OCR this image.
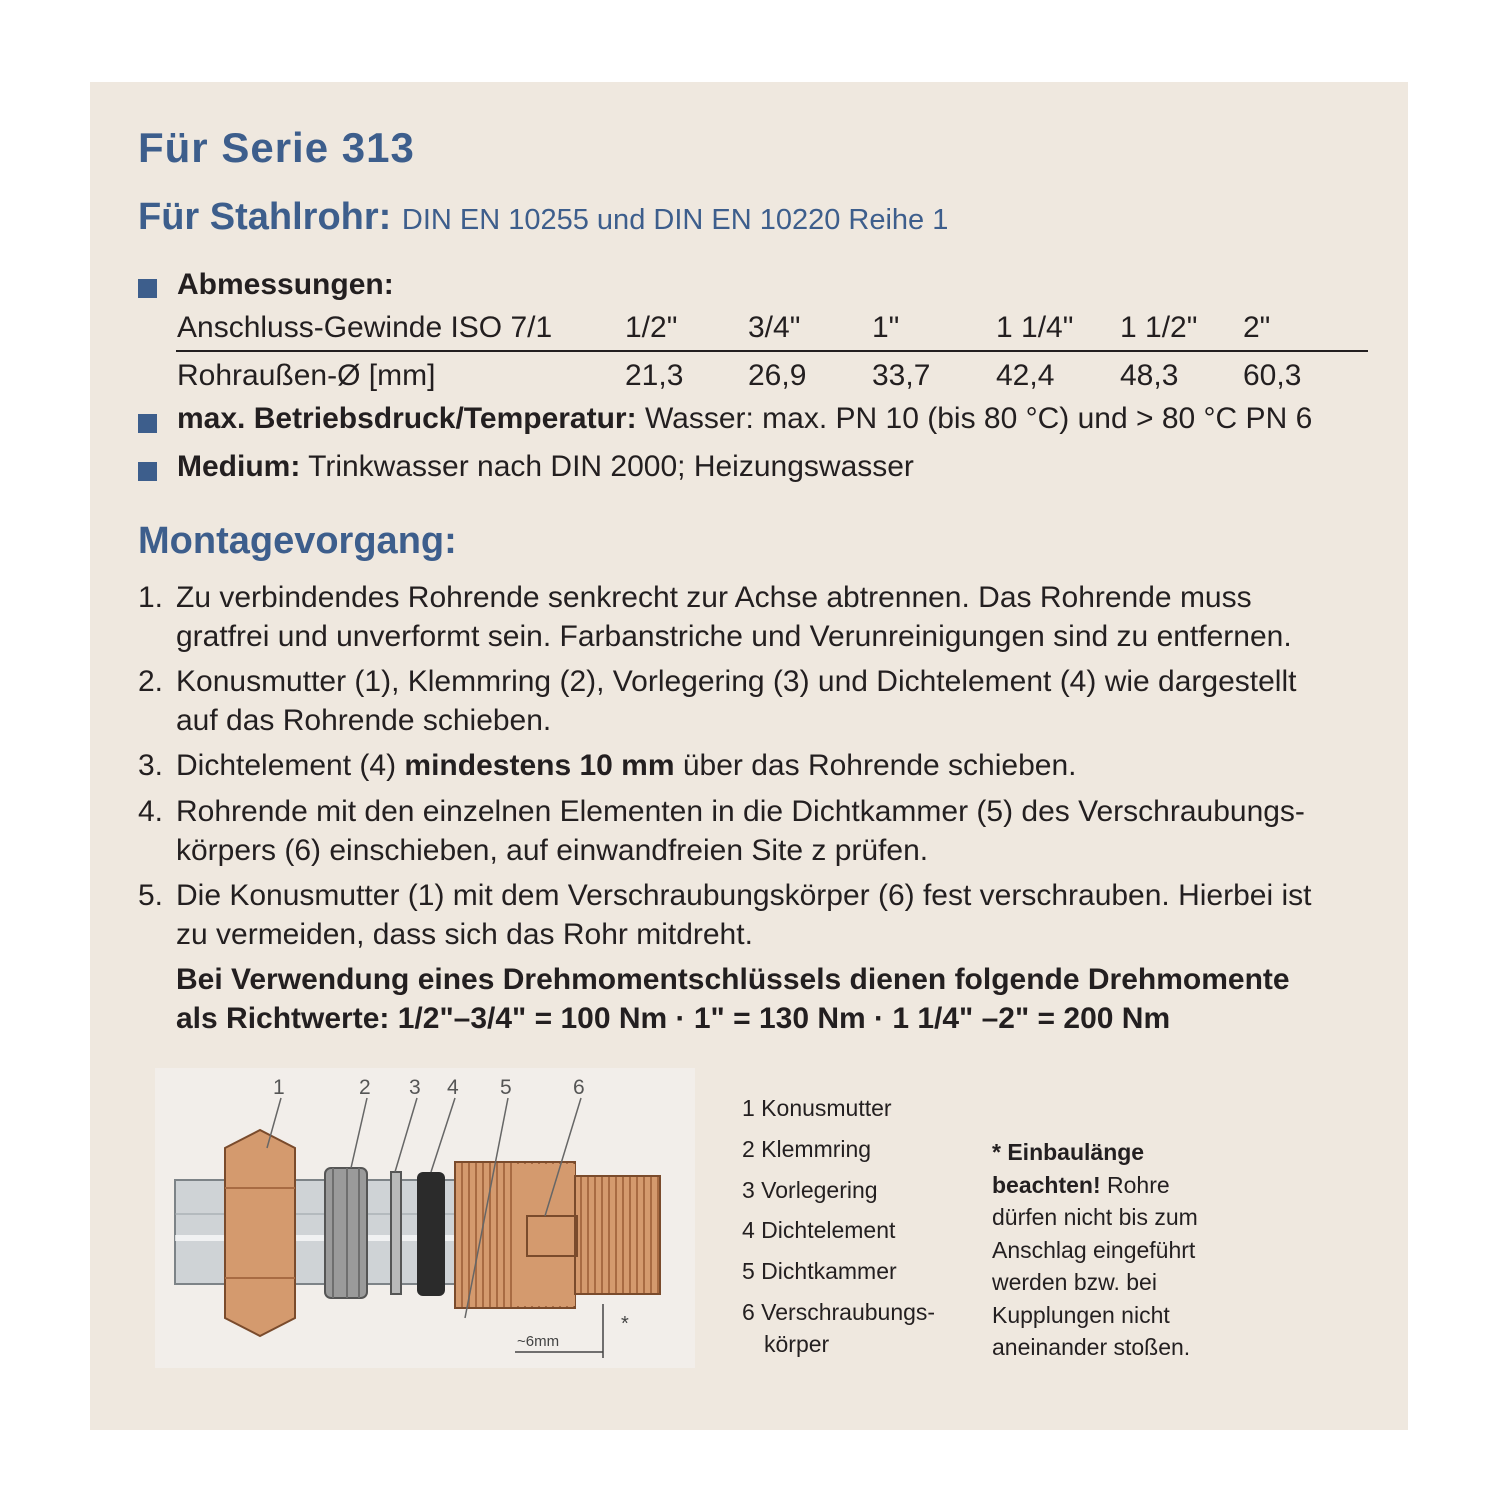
Für Serie 313
Für Stahlrohr: DIN EN 10255 und DIN EN 10220 Reihe 1
Abmessungen:
Anschluss-Gewinde ISO 7/1 1/2" 3/4" 1"	1 1/4" 1 1/2" 2"
Rohraußen-Ø [mm]	21,3 26,9 33,7 42,4 48,3 60,3
max. Betriebsdruck/Temperatur: Wasser: max. PN 10 (bis 80 °C) und > 80 °C PN 6
Medium: Trinkwasser nach DIN 2000; Heizungswasser
Montagevorgang:
1. Zu verbindendes Rohrende senkrecht zur Achse abtrennen. Das Rohrende muss
gratfrei und unverformt sein. Farbanstriche und Verunreinigungen sind zu entfernen.
2. Konusmutter (1), Klemmring (2), Vorlegering (3) und Dichtelement (4) wie dargestellt
auf das Rohrende schieben.
3. Dichtelement (4) mindestens 10 mm über das Rohrende schieben.
4. Rohrende mit den einzelnen Elementen in die Dichtkammer (5) des Verschraubungs-
körpers (6) einschieben, auf einwandfreien Site z prüfen.
5. Die Konusmutter (1) mit dem Verschraubungskörper (6) fest verschrauben. Hierbei ist
zu vermeiden, dass sich das Rohr mitdreht.
Bei Verwendung eines Drehmomentschlüssels dienen folgende Drehmomente
als Richtwerte: 1/2"–3/4" = 100 Nm · 1" = 130 Nm · 1 1/4" –2" = 200 Nm
1	2 3 4 5	6
~6mm
*
1 Konusmutter
2 Klemmring
3 Vorlegering
4 Dichtelement
5 Dichtkammer
6 Verschraubungs-
körper
* Einbaulänge
beachten! Rohre
dürfen nicht bis zum
Anschlag eingeführt
werden bzw. bei
Kupplungen nicht
aneinander stoßen.
